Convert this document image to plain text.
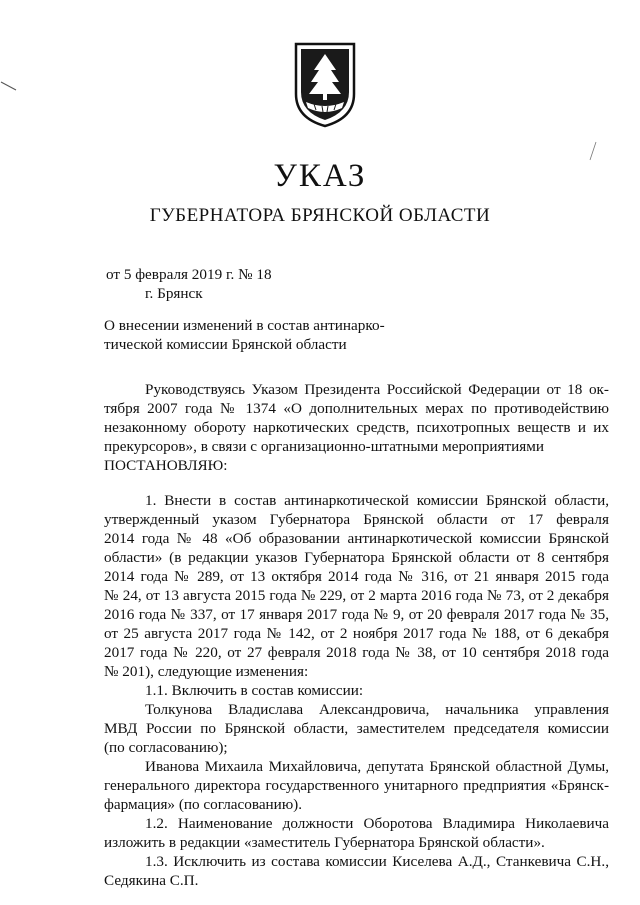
УКАЗ
ГУБЕРНАТОРА БРЯНСКОЙ ОБЛАСТИ
от 5 февраля 2019 г. № 18
г. Брянск
О внесении изменений в состав антинарко-
тической комиссии Брянской области
Руководствуясь Указом Президента Российской Федерации от 18 ок-
тября 2007 года № 1374 «О дополнительных мерах по противодействию
незаконному обороту наркотических средств, психотропных веществ и их
прекурсоров», в связи с организационно-штатными мероприятиями
ПОСТАНОВЛЯЮ:
1. Внести в состав антинаркотической комиссии Брянской области,
утвержденный указом Губернатора Брянской области от 17 февраля
2014 года № 48 «Об образовании антинаркотической комиссии Брянской
области» (в редакции указов Губернатора Брянской области от 8 сентября
2014 года № 289, от 13 октября 2014 года № 316, от 21 января 2015 года
№ 24, от 13 августа 2015 года № 229, от 2 марта 2016 года № 73, от 2 декабря
2016 года № 337, от 17 января 2017 года № 9, от 20 февраля 2017 года № 35,
от 25 августа 2017 года № 142, от 2 ноября 2017 года № 188, от 6 декабря
2017 года № 220, от 27 февраля 2018 года № 38, от 10 сентября 2018 года
№ 201), следующие изменения:
1.1. Включить в состав комиссии:
Толкунова Владислава Александровича, начальника управления
МВД России по Брянской области, заместителем председателя комиссии
(по согласованию);
Иванова Михаила Михайловича, депутата Брянской областной Думы,
генерального директора государственного унитарного предприятия «Брянск-
фармация» (по согласованию).
1.2. Наименование должности Оборотова Владимира Николаевича
изложить в редакции «заместитель Губернатора Брянской области».
1.3. Исключить из состава комиссии Киселева А.Д., Станкевича С.Н.,
Седякина С.П.
